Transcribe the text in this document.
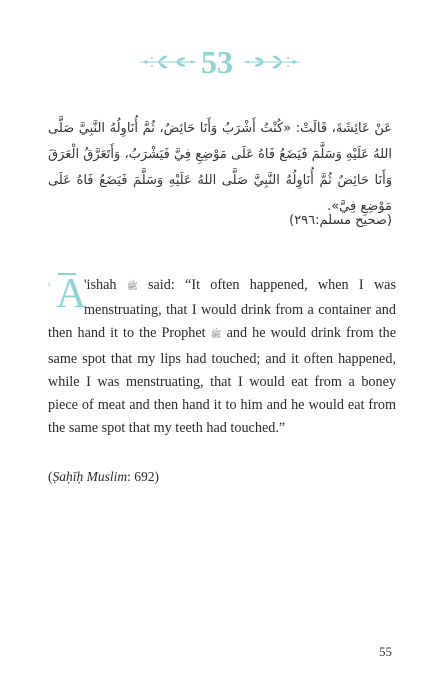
53
عَنْ عَائِشَةَ، قَالَتْ: «كُنْتُ أَشْرَبُ وَأَنَا حَائِضٌ، ثُمَّ أُنَاوِلُهُ النَّبِيَّ صَلَّى اللهُ عَلَيْهِ وَسَلَّمَ فَيَضَعُ فَاهُ عَلَى مَوْضِعِ فِيَّ فَيَشْرَبُ، وَأَتَعَرَّقُ الْعَرَقَ وَأَنَا حَائِضٌ ثُمَّ أُنَاوِلُهُ النَّبِيَّ صَلَّى اللهُ عَلَيْهِ وَسَلَّمَ فَيَضَعُ فَاهُ عَلَى مَوْضِعِ فِيَّ».
(صحيح مسلم:٢٩٦)
ʿ A
'ishah ﷺ said: “It often happened, when I was menstruating, that I would drink from a container and then hand it to the Prophet ﷺ and he would drink from the same spot that my lips had touched; and it often happened, while I was menstruating, that I would eat from a boney piece of meat and then hand it to him and he would eat from the same spot that my teeth had touched.”
(Ṣaḥīḥ Muslim: 692)
55
